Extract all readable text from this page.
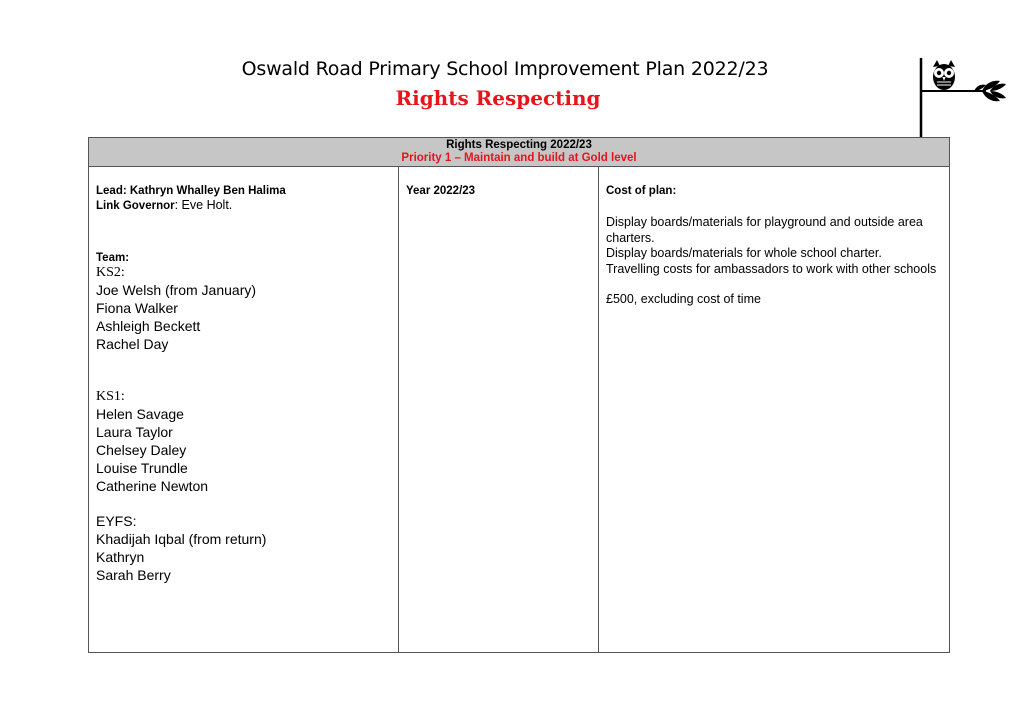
Oswald Road Primary School Improvement Plan 2022/23
Rights Respecting
Rights Respecting 2022/23
Priority 1 – Maintain and build at Gold level
Lead: Kathryn Whalley Ben Halima
Link Governor: Eve Holt.
Team:
KS2:
Joe Welsh (from January)
Fiona Walker
Ashleigh Beckett
Rachel Day
KS1:
Helen Savage
Laura Taylor
Chelsey Daley
Louise Trundle
Catherine Newton
EYFS:
Khadijah Iqbal (from return)
Kathryn
Sarah Berry
Year 2022/23	Cost of plan:
Display boards/materials for playground and outside area charters.
Display boards/materials for whole school charter.
Travelling costs for ambassadors to work with other schools
£500, excluding cost of time
